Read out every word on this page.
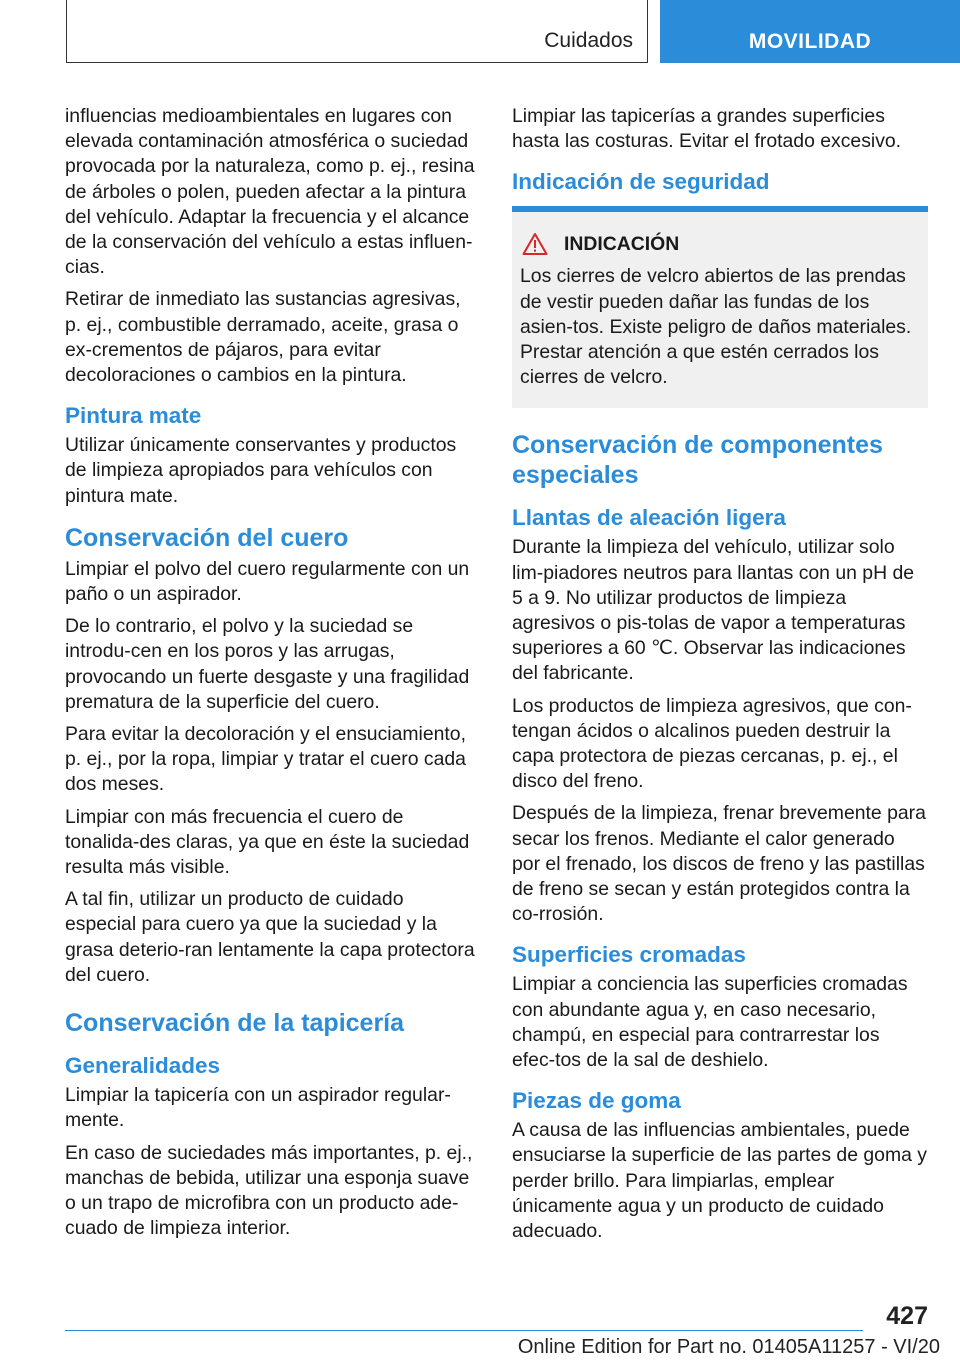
Cuidados	MOVILIDAD

influencias medioambientales en lugares con elevada contaminación atmosférica o suciedad provocada por la naturaleza, como p. ej., resina de árboles o polen, pueden afectar a la pintura del vehículo. Adaptar la frecuencia y el alcance de la conservación del vehículo a estas influen-cias.

Retirar de inmediato las sustancias agresivas, p. ej., combustible derramado, aceite, grasa o ex-crementos de pájaros, para evitar decoloraciones o cambios en la pintura.

Pintura mate

Utilizar únicamente conservantes y productos de limpieza apropiados para vehículos con pintura mate.

Conservación del cuero

Limpiar el polvo del cuero regularmente con un paño o un aspirador.

De lo contrario, el polvo y la suciedad se introdu-cen en los poros y las arrugas, provocando un fuerte desgaste y una fragilidad prematura de la superficie del cuero.

Para evitar la decoloración y el ensuciamiento, p. ej., por la ropa, limpiar y tratar el cuero cada dos meses.

Limpiar con más frecuencia el cuero de tonalida-des claras, ya que en éste la suciedad resulta más visible.

A tal fin, utilizar un producto de cuidado especial para cuero ya que la suciedad y la grasa deterio-ran lentamente la capa protectora del cuero.

Conservación de la tapicería
Generalidades

Limpiar la tapicería con un aspirador regular-mente.

En caso de suciedades más importantes, p. ej., manchas de bebida, utilizar una esponja suave o un trapo de microfibra con un producto ade-cuado de limpieza interior.

Limpiar las tapicerías a grandes superficies hasta las costuras. Evitar el frotado excesivo.

Indicación de seguridad
INDICACIÓN

Los cierres de velcro abiertos de las prendas de vestir pueden dañar las fundas de los asien-tos. Existe peligro de daños materiales. Prestar atención a que estén cerrados los cierres de velcro.

Conservación de componentes especiales
Llantas de aleación ligera

Durante la limpieza del vehículo, utilizar solo lim-piadores neutros para llantas con un pH de 5 a 9. No utilizar productos de limpieza agresivos o pis-tolas de vapor a temperaturas superiores a 60 ℃. Observar las indicaciones del fabricante.

Los productos de limpieza agresivos, que con-tengan ácidos o alcalinos pueden destruir la capa protectora de piezas cercanas, p. ej., el disco del freno.

Después de la limpieza, frenar brevemente para secar los frenos. Mediante el calor generado por el frenado, los discos de freno y las pastillas de freno se secan y están protegidos contra la co-rrosión.

Superficies cromadas

Limpiar a conciencia las superficies cromadas con abundante agua y, en caso necesario, champú, en especial para contrarrestar los efec-tos de la sal de deshielo.

Piezas de goma

A causa de las influencias ambientales, puede ensuciarse la superficie de las partes de goma y perder brillo. Para limpiarlas, emplear únicamente agua y un producto de cuidado adecuado.

427
Online Edition for Part no. 01405A11257 - VI/20
